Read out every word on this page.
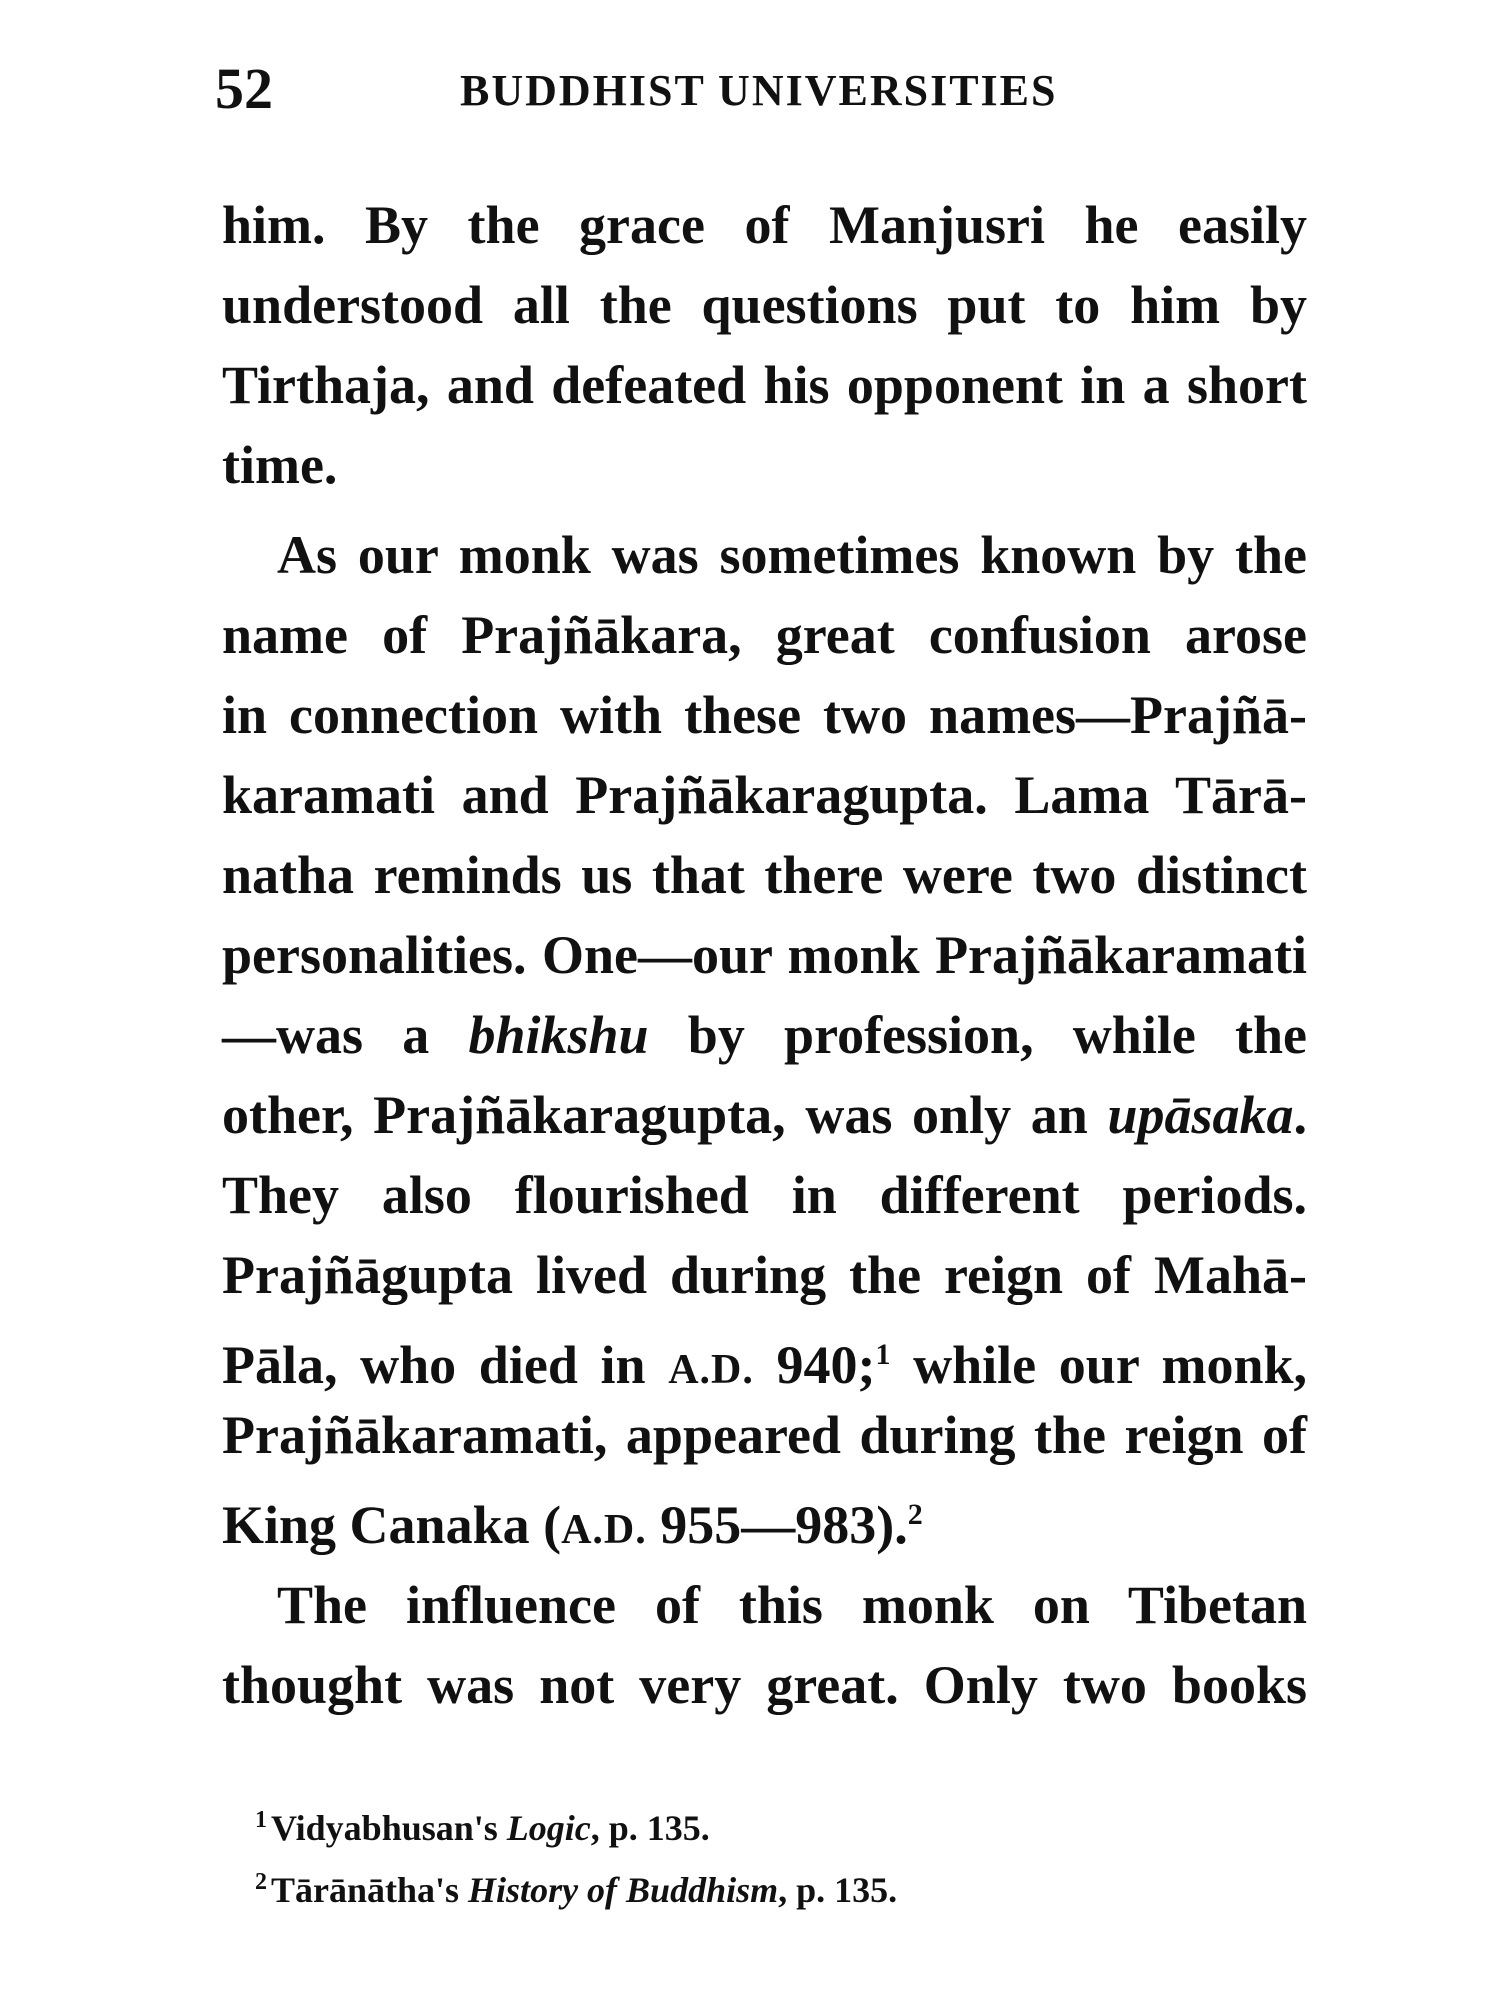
52	BUDDHIST UNIVERSITIES
him. By the grace of Manjusri he easily
understood all the questions put to him by
Tirthaja, and defeated his opponent in a short
time.
As our monk was sometimes known by the
name of Prajñākara, great confusion arose
in connection with these two names—Prajñā-
karamati and Prajñākaragupta. Lama Tārā-
natha reminds us that there were two distinct
personalities. One—our monk Prajñākaramati
—was a bhikshu by profession, while the
other, Prajñākaragupta, was only an upāsaka.
They also flourished in different periods.
Prajñāgupta lived during the reign of Mahā-
Pāla, who died in A.D. 940;$^1$ while our monk,
Prajñākaramati, appeared during the reign of
King Canaka (A.D. 955—983).$^2$
The influence of this monk on Tibetan
thought was not very great. Only two books
$^1$ Vidyabhusan's Logic, p. 135.
$^2$ Tārānātha's History of Buddhism, p. 135.
